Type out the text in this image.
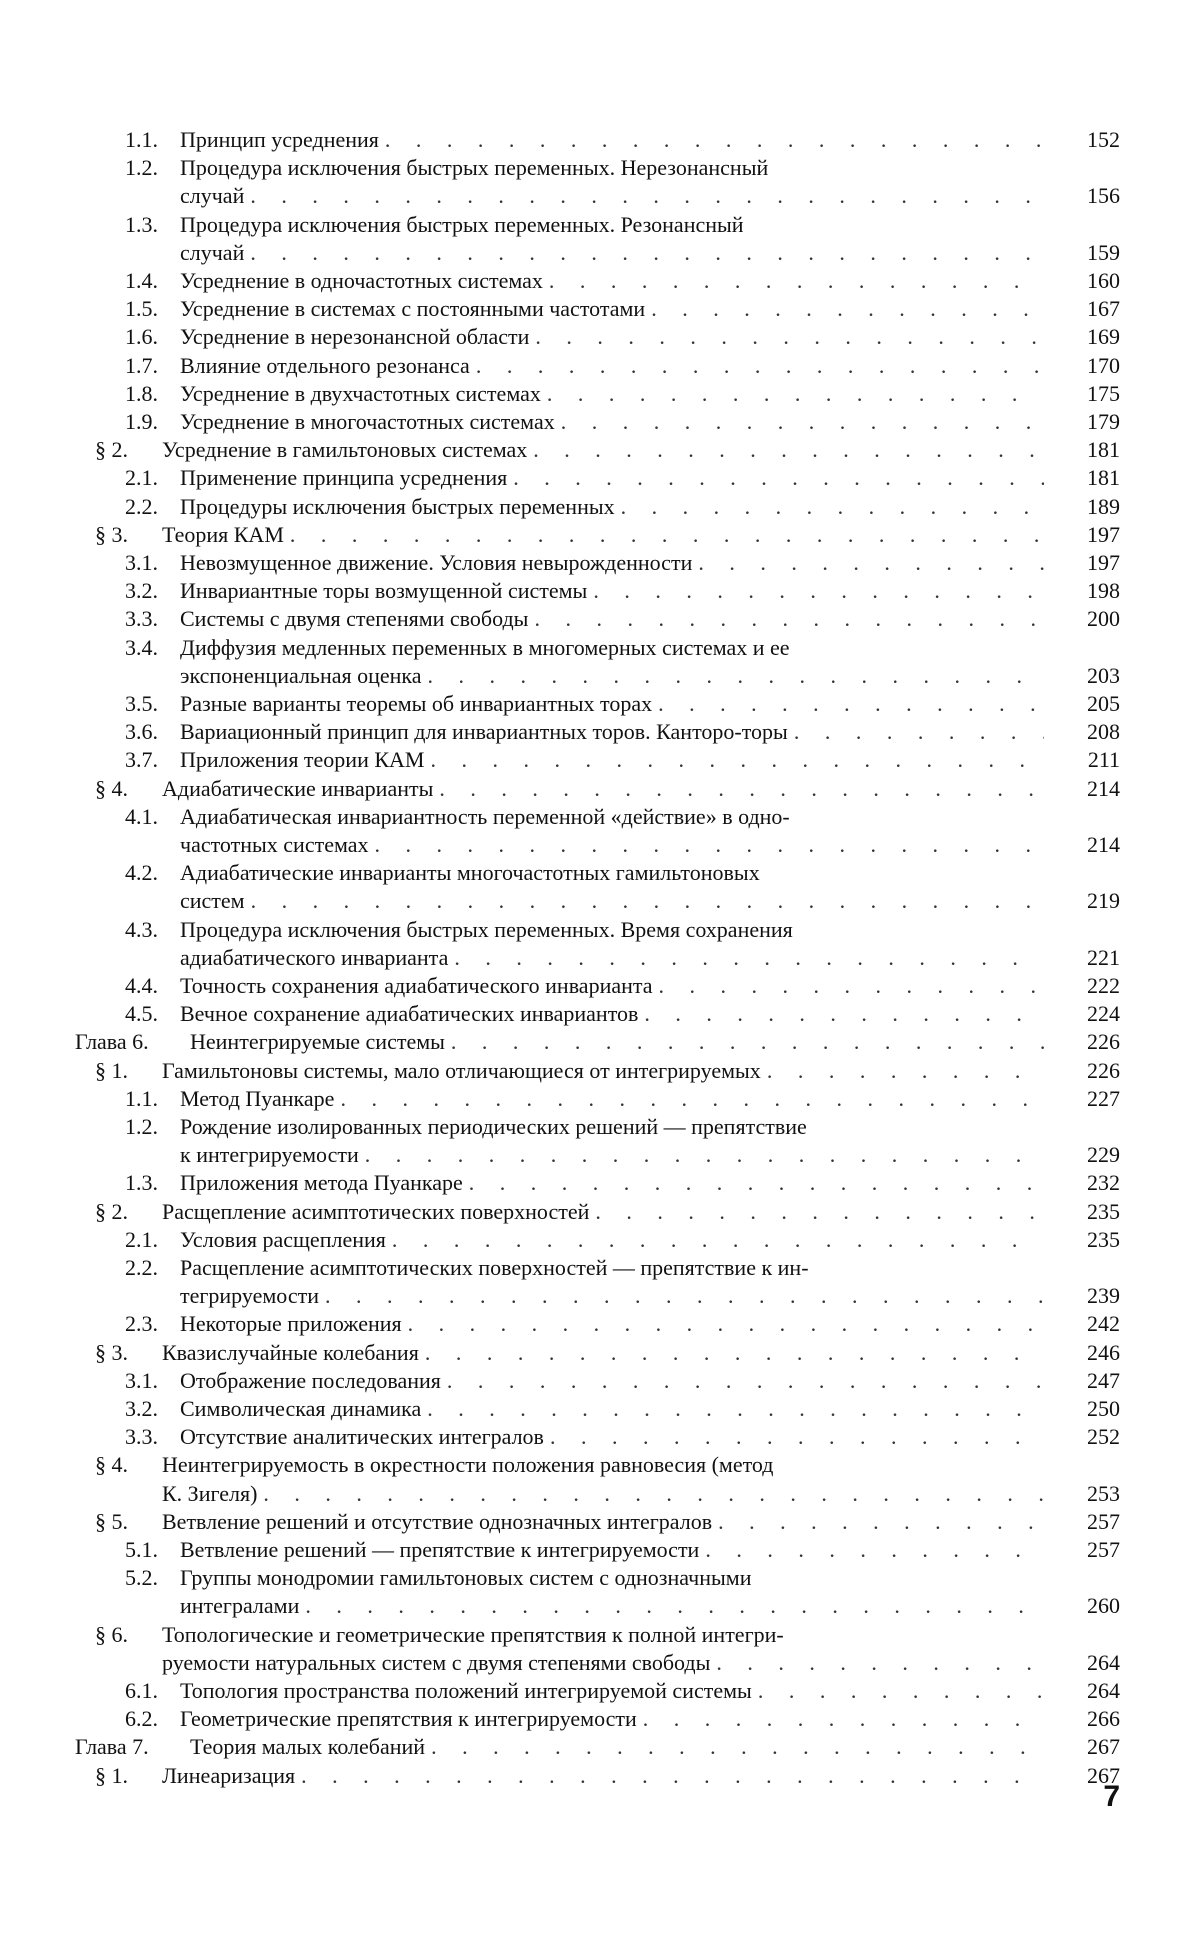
1.1. Принцип усреднения . . .	152
1.2. Процедура исключения быстрых переменных. Нерезонансный
случай . . .	156
1.3. Процедура исключения быстрых переменных. Резонансный
случай . . .	159
1.4. Усреднение в одночастотных системах . . .	160
1.5. Усреднение в системах с постоянными частотами . . .	167
1.6. Усреднение в нерезонансной области . . .	169
1.7. Влияние отдельного резонанса . . .	170
1.8. Усреднение в двухчастотных системах . . .	175
1.9. Усреднение в многочастотных системах . . .	179
§ 2. Усреднение в гамильтоновых системах . . .	181
2.1. Применение принципа усреднения . . .	181
2.2. Процедуры исключения быстрых переменных . . .	189
§ 3. Теория КАМ . . .	197
3.1. Невозмущенное движение. Условия невырожденности . . .	197
3.2. Инвариантные торы возмущенной системы . . .	198
3.3. Системы с двумя степенями свободы . . .	200
3.4. Диффузия медленных переменных в многомерных системах и ее
экспоненциальная оценка . . .	203
3.5. Разные варианты теоремы об инвариантных торах . . .	205
3.6. Вариационный принцип для инвариантных торов. Канторо-торы . . .	208
3.7. Приложения теории КАМ . . .	211
§ 4. Адиабатические инварианты . . .	214
4.1. Адиабатическая инвариантность переменной «действие» в одно-
частотных системах . . .	214
4.2. Адиабатические инварианты многочастотных гамильтоновых
систем . . .	219
4.3. Процедура исключения быстрых переменных. Время сохранения
адиабатического инварианта . . .	221
4.4. Точность сохранения адиабатического инварианта . . .	222
4.5. Вечное сохранение адиабатических инвариантов . . .	224
Глава 6. Неинтегрируемые системы . . .	226
§ 1. Гамильтоновы системы, мало отличающиеся от интегрируемых . . .	226
1.1. Метод Пуанкаре . . .	227
1.2. Рождение изолированных периодических решений — препятствие
к интегрируемости . . .	229
1.3. Приложения метода Пуанкаре . . .	232
§ 2. Расщепление асимптотических поверхностей . . .	235
2.1. Условия расщепления . . .	235
2.2. Расщепление асимптотических поверхностей — препятствие к ин-
тегрируемости . . .	239
2.3. Некоторые приложения . . .	242
§ 3. Квазислучайные колебания . . .	246
3.1. Отображение последования . . .	247
3.2. Символическая динамика . . .	250
3.3. Отсутствие аналитических интегралов . . .	252
§ 4. Неинтегрируемость в окрестности положения равновесия (метод
К. Зигеля) . . .	253
§ 5. Ветвление решений и отсутствие однозначных интегралов . . .	257
5.1. Ветвление решений — препятствие к интегрируемости . . .	257
5.2. Группы монодромии гамильтоновых систем с однозначными
интегралами . . .	260
§ 6. Топологические и геометрические препятствия к полной интегри-
руемости натуральных систем с двумя степенями свободы . . .	264
6.1. Топология пространства положений интегрируемой системы . . .	264
6.2. Геометрические препятствия к интегрируемости . . .	266
Глава 7. Теория малых колебаний . . .	267
§ 1. Линеаризация . . .	267
7
